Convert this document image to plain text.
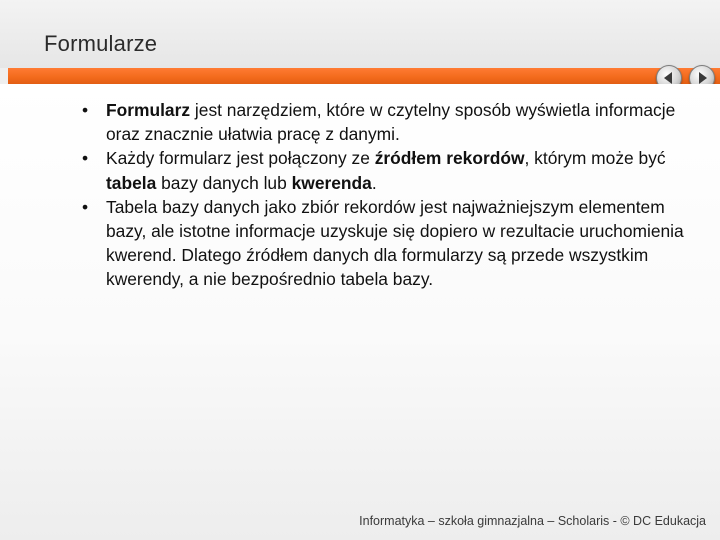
Formularze
• Formularz jest narzędziem, które w czytelny sposób wyświetla informacje oraz znacznie ułatwia pracę z danymi.
• Każdy formularz jest połączony ze źródłem rekordów, którym może być tabela bazy danych lub kwerenda.
• Tabela bazy danych jako zbiór rekordów jest najważniejszym elementem bazy, ale istotne informacje uzyskuje się dopiero w rezultacie uruchomienia kwerend. Dlatego źródłem danych dla formularzy są przede wszystkim kwerendy, a nie bezpośrednio tabela bazy.
Informatyka – szkoła gimnazjalna – Scholaris - © DC Edukacja
